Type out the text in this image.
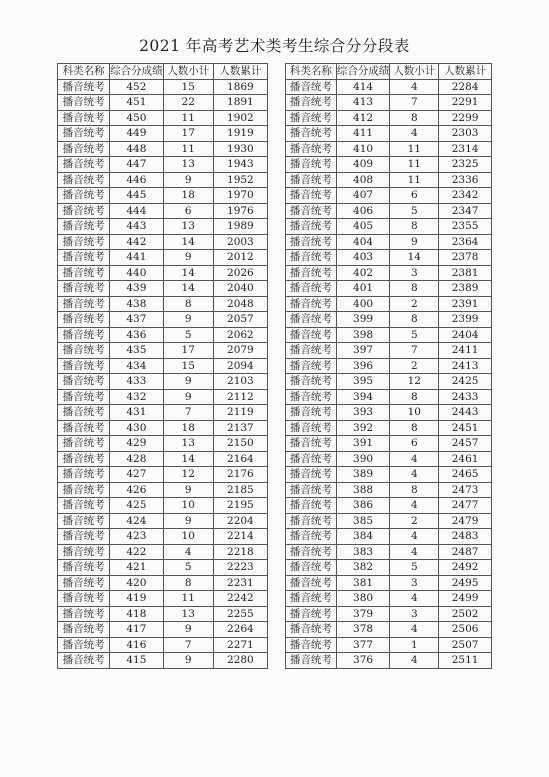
2021 年高考艺术类考生综合分分段表
科类名称	综合分成绩	人数小计	人数累计
播音统考	452	15	1869
播音统考	451	22	1891
播音统考	450	11	1902
播音统考	449	17	1919
播音统考	448	11	1930
播音统考	447	13	1943
播音统考	446	9	1952
播音统考	445	18	1970
播音统考	444	6	1976
播音统考	443	13	1989
播音统考	442	14	2003
播音统考	441	9	2012
播音统考	440	14	2026
播音统考	439	14	2040
播音统考	438	8	2048
播音统考	437	9	2057
播音统考	436	5	2062
播音统考	435	17	2079
播音统考	434	15	2094
播音统考	433	9	2103
播音统考	432	9	2112
播音统考	431	7	2119
播音统考	430	18	2137
播音统考	429	13	2150
播音统考	428	14	2164
播音统考	427	12	2176
播音统考	426	9	2185
播音统考	425	10	2195
播音统考	424	9	2204
播音统考	423	10	2214
播音统考	422	4	2218
播音统考	421	5	2223
播音统考	420	8	2231
播音统考	419	11	2242
播音统考	418	13	2255
播音统考	417	9	2264
播音统考	416	7	2271
播音统考	415	9	2280
科类名称	综合分成绩	人数小计	人数累计
播音统考	414	4	2284
播音统考	413	7	2291
播音统考	412	8	2299
播音统考	411	4	2303
播音统考	410	11	2314
播音统考	409	11	2325
播音统考	408	11	2336
播音统考	407	6	2342
播音统考	406	5	2347
播音统考	405	8	2355
播音统考	404	9	2364
播音统考	403	14	2378
播音统考	402	3	2381
播音统考	401	8	2389
播音统考	400	2	2391
播音统考	399	8	2399
播音统考	398	5	2404
播音统考	397	7	2411
播音统考	396	2	2413
播音统考	395	12	2425
播音统考	394	8	2433
播音统考	393	10	2443
播音统考	392	8	2451
播音统考	391	6	2457
播音统考	390	4	2461
播音统考	389	4	2465
播音统考	388	8	2473
播音统考	386	4	2477
播音统考	385	2	2479
播音统考	384	4	2483
播音统考	383	4	2487
播音统考	382	5	2492
播音统考	381	3	2495
播音统考	380	4	2499
播音统考	379	3	2502
播音统考	378	4	2506
播音统考	377	1	2507
播音统考	376	4	2511
